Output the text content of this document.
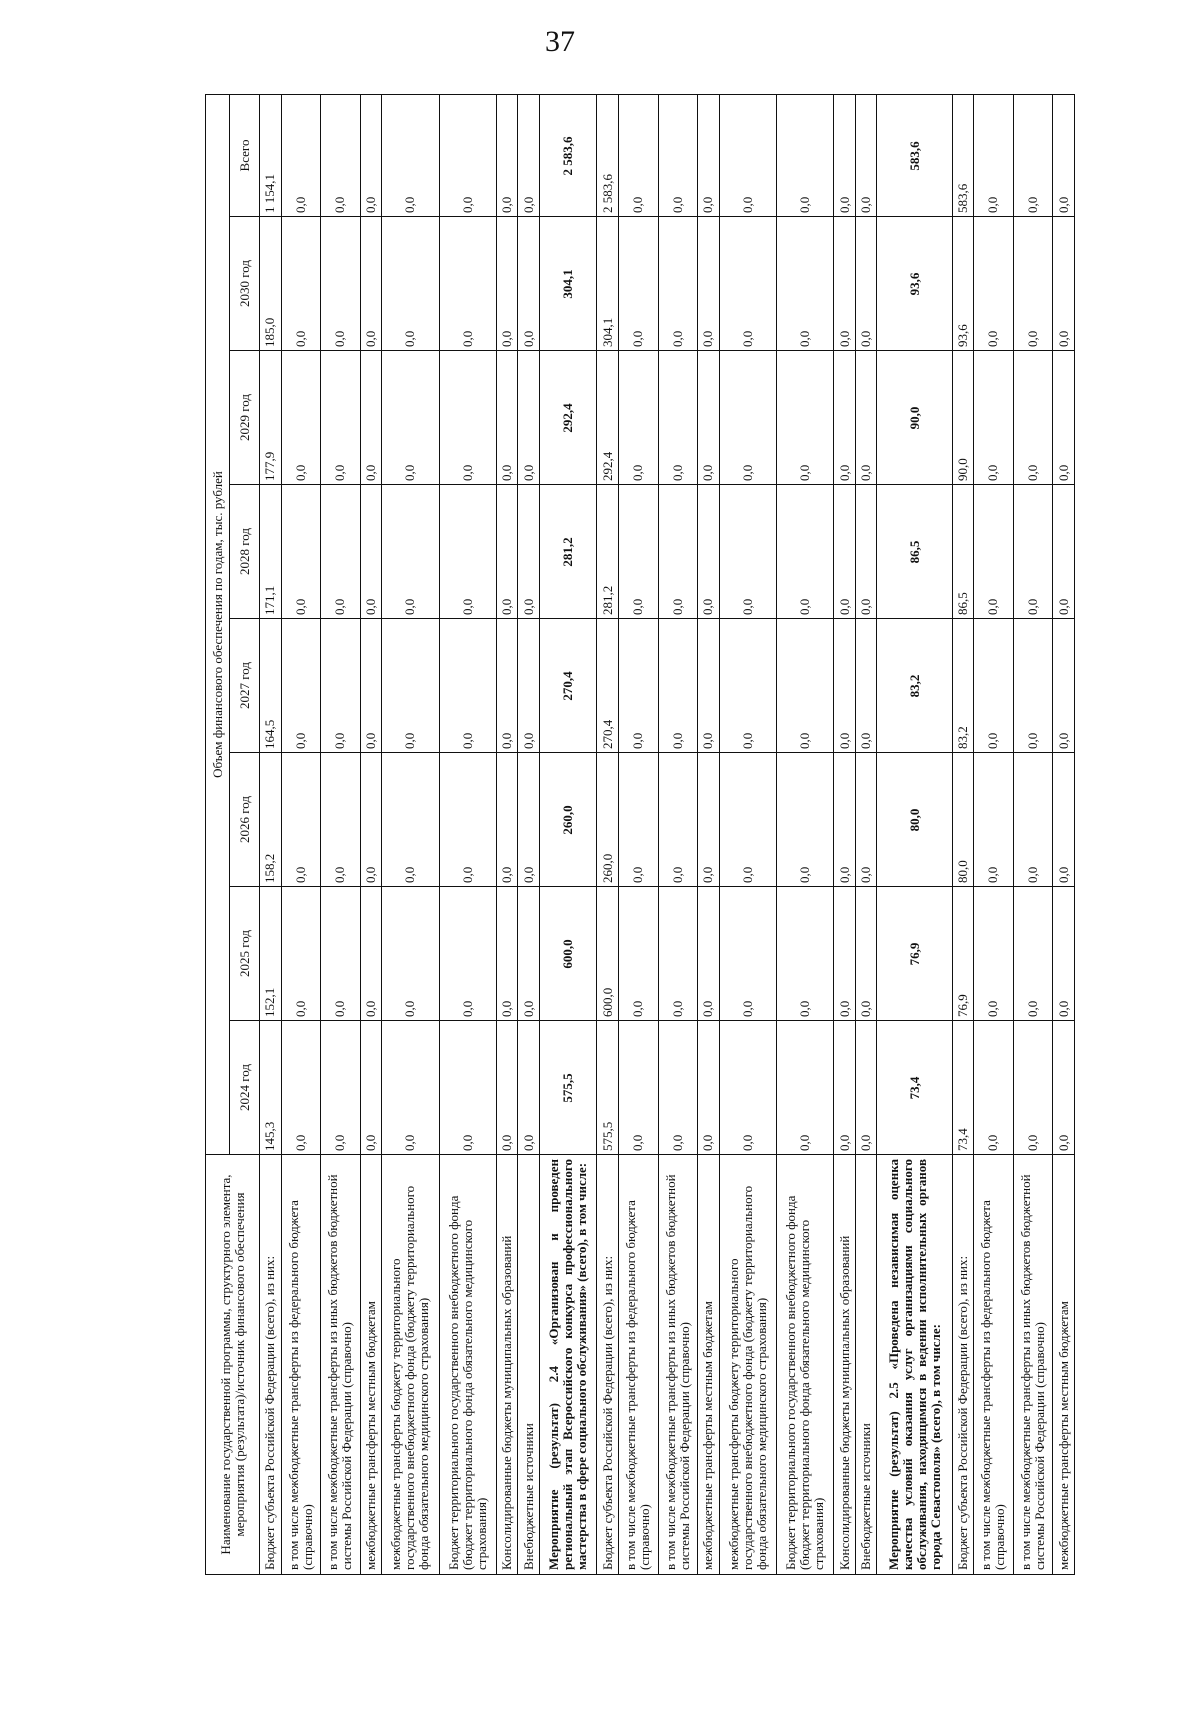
37
Наименование государственной программы, структурного элемента, мероприятия (результата)/источник финансового обеспечения	Объем финансового обеспечения по годам, тыс. рублей							
	2024 год	2025 год	2026 год	2027 год	2028 год	2029 год	2030 год	Всего
Бюджет субъекта Российской Федерации (всего), из них:	145,3	152,1	158,2	164,5	171,1	177,9	185,0	1 154,1
в том числе межбюджетные трансферты из федерального бюджета (справочно)	0,0	0,0	0,0	0,0	0,0	0,0	0,0	0,0
в том числе межбюджетные трансферты из иных бюджетов бюджетной системы Российской Федерации (справочно)	0,0	0,0	0,0	0,0	0,0	0,0	0,0	0,0
межбюджетные трансферты местным бюджетам	0,0	0,0	0,0	0,0	0,0	0,0	0,0	0,0
межбюджетные трансферты бюджету территориального государственного внебюджетного фонда (бюджету территориального фонда обязательного медицинского страхования)	0,0	0,0	0,0	0,0	0,0	0,0	0,0	0,0
Бюджет территориального государственного внебюджетного фонда (бюджет территориального фонда обязательного медицинского страхования)	0,0	0,0	0,0	0,0	0,0	0,0	0,0	0,0
Консолидированные бюджеты муниципальных образований	0,0	0,0	0,0	0,0	0,0	0,0	0,0	0,0
Внебюджетные источники	0,0	0,0	0,0	0,0	0,0	0,0	0,0	0,0
Мероприятие (результат) 2.4 «Организован и проведен региональный этап Всероссийского конкурса профессионального мастерства в сфере социального обслуживания» (всего), в том числе:	575,5	600,0	260,0	270,4	281,2	292,4	304,1	2 583,6
Бюджет субъекта Российской Федерации (всего), из них:	575,5	600,0	260,0	270,4	281,2	292,4	304,1	2 583,6
в том числе межбюджетные трансферты из федерального бюджета (справочно)	0,0	0,0	0,0	0,0	0,0	0,0	0,0	0,0
в том числе межбюджетные трансферты из иных бюджетов бюджетной системы Российской Федерации (справочно)	0,0	0,0	0,0	0,0	0,0	0,0	0,0	0,0
межбюджетные трансферты местным бюджетам	0,0	0,0	0,0	0,0	0,0	0,0	0,0	0,0
межбюджетные трансферты бюджету территориального государственного внебюджетного фонда (бюджету территориального фонда обязательного медицинского страхования)	0,0	0,0	0,0	0,0	0,0	0,0	0,0	0,0
Бюджет территориального государственного внебюджетного фонда (бюджет территориального фонда обязательного медицинского страхования)	0,0	0,0	0,0	0,0	0,0	0,0	0,0	0,0
Консолидированные бюджеты муниципальных образований	0,0	0,0	0,0	0,0	0,0	0,0	0,0	0,0
Внебюджетные источники	0,0	0,0	0,0	0,0	0,0	0,0	0,0	0,0
Мероприятие (результат) 2.5 «Проведена независимая оценка качества условий оказания услуг организациями социального обслуживания, находящимися в ведении исполнительных органов города Севастополя» (всего), в том числе:	73,4	76,9	80,0	83,2	86,5	90,0	93,6	583,6
Бюджет субъекта Российской Федерации (всего), из них:	73,4	76,9	80,0	83,2	86,5	90,0	93,6	583,6
в том числе межбюджетные трансферты из федерального бюджета (справочно)	0,0	0,0	0,0	0,0	0,0	0,0	0,0	0,0
в том числе межбюджетные трансферты из иных бюджетов бюджетной системы Российской Федерации (справочно)	0,0	0,0	0,0	0,0	0,0	0,0	0,0	0,0
межбюджетные трансферты местным бюджетам	0,0	0,0	0,0	0,0	0,0	0,0	0,0	0,0
